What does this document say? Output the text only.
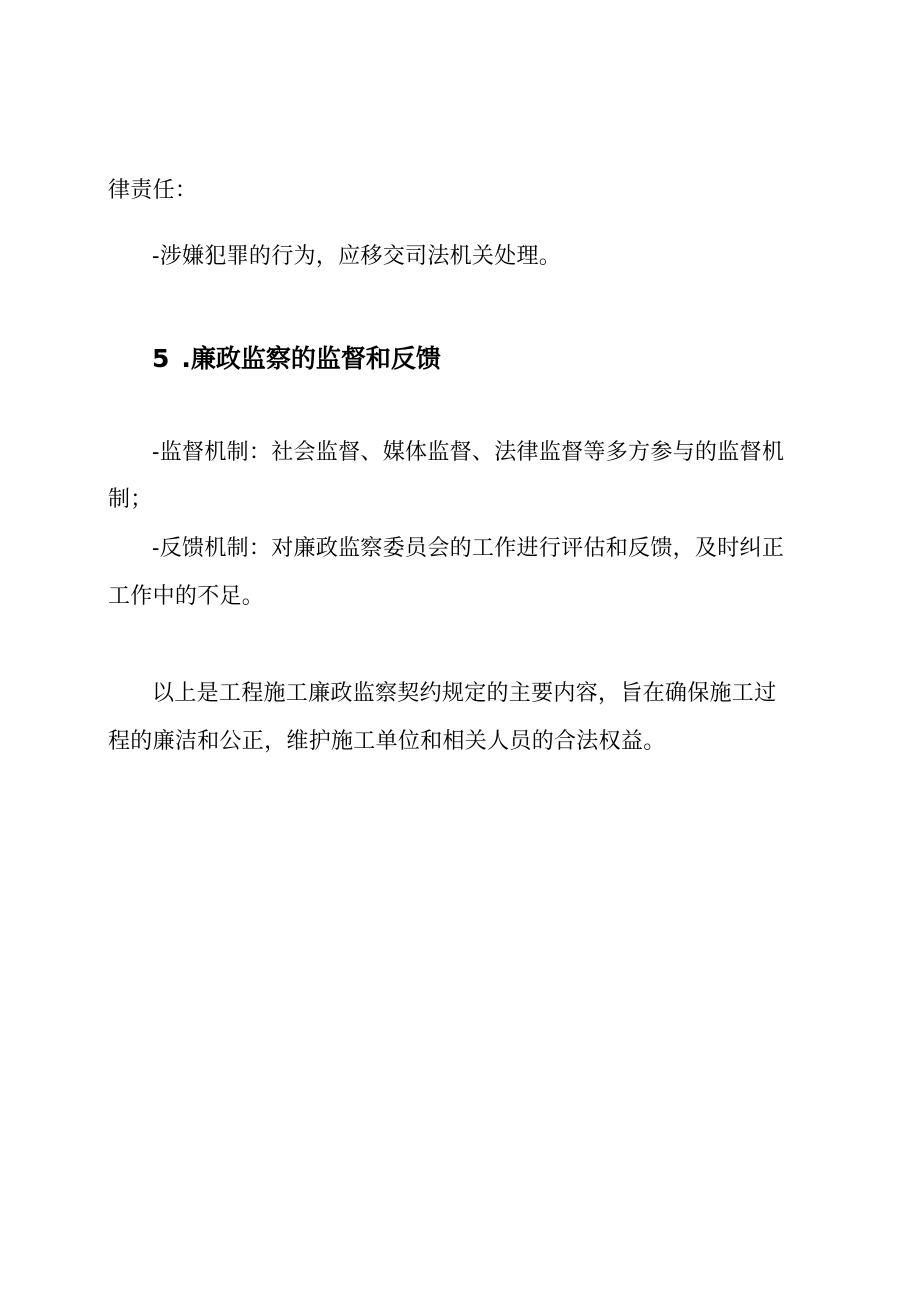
律责任：
-涉嫌犯罪的行为，应移交司法机关处理。
5 .廉政监察的监督和反馈
-监督机制：社会监督、媒体监督、法律监督等多方参与的监督机
制；
-反馈机制：对廉政监察委员会的工作进行评估和反馈，及时纠正
工作中的不足。
以上是工程施工廉政监察契约规定的主要内容，旨在确保施工过
程的廉洁和公正，维护施工单位和相关人员的合法权益。
